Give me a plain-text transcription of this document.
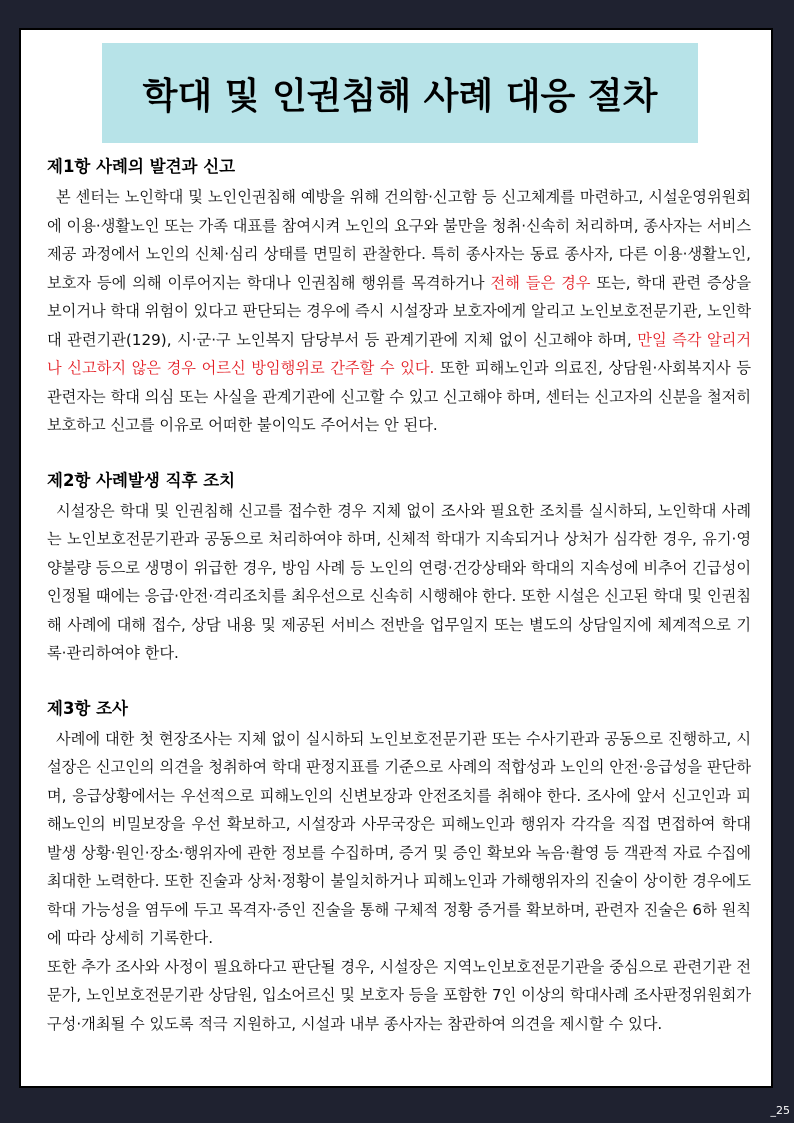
학대 및 인권침해 사례 대응 절차
제1항 사례의 발견과 신고

본 센터는 노인학대 및 노인인권침해 예방을 위해 건의함·신고함 등 신고체계를 마련하고, 시설운영위원회에 이용·생활노인 또는 가족 대표를 참여시켜 노인의 요구와 불만을 청취·신속히 처리하며, 종사자는 서비스 제공 과정에서 노인의 신체·심리 상태를 면밀히 관찰한다. 특히 종사자는 동료 종사자, 다른 이용·생활노인, 보호자 등에 의해 이루어지는 학대나 인권침해 행위를 목격하거나 전해 들은 경우 또는, 학대 관련 증상을 보이거나 학대 위험이 있다고 판단되는 경우에 즉시 시설장과 보호자에게 알리고 노인보호전문기관, 노인학대 관련기관(129), 시·군·구 노인복지 담당부서 등 관계기관에 지체 없이 신고해야 하며, 만일 즉각 알리거나 신고하지 않은 경우 어르신 방임행위로 간주할 수 있다. 또한 피해노인과 의료진, 상담원·사회복지사 등 관련자는 학대 의심 또는 사실을 관계기관에 신고할 수 있고 신고해야 하며, 센터는 신고자의 신분을 철저히 보호하고 신고를 이유로 어떠한 불이익도 주어서는 안 된다.

제2항 사례발생 직후 조치

시설장은 학대 및 인권침해 신고를 접수한 경우 지체 없이 조사와 필요한 조치를 실시하되, 노인학대 사례는 노인보호전문기관과 공동으로 처리하여야 하며, 신체적 학대가 지속되거나 상처가 심각한 경우, 유기·영양불량 등으로 생명이 위급한 경우, 방임 사례 등 노인의 연령·건강상태와 학대의 지속성에 비추어 긴급성이 인정될 때에는 응급·안전·격리조치를 최우선으로 신속히 시행해야 한다. 또한 시설은 신고된 학대 및 인권침해 사례에 대해 접수, 상담 내용 및 제공된 서비스 전반을 업무일지 또는 별도의 상담일지에 체계적으로 기록·관리하여야 한다.

제3항 조사

사례에 대한 첫 현장조사는 지체 없이 실시하되 노인보호전문기관 또는 수사기관과 공동으로 진행하고, 시설장은 신고인의 의견을 청취하여 학대 판정지표를 기준으로 사례의 적합성과 노인의 안전·응급성을 판단하며, 응급상황에서는 우선적으로 피해노인의 신변보장과 안전조치를 취해야 한다. 조사에 앞서 신고인과 피해노인의 비밀보장을 우선 확보하고, 시설장과 사무국장은 피해노인과 행위자 각각을 직접 면접하여 학대 발생 상황·원인·장소·행위자에 관한 정보를 수집하며, 증거 및 증인 확보와 녹음·촬영 등 객관적 자료 수집에 최대한 노력한다. 또한 진술과 상처·정황이 불일치하거나 피해노인과 가해행위자의 진술이 상이한 경우에도 학대 가능성을 염두에 두고 목격자·증인 진술을 통해 구체적 정황 증거를 확보하며, 관련자 진술은 6하 원칙에 따라 상세히 기록한다.

또한 추가 조사와 사정이 필요하다고 판단될 경우, 시설장은 지역노인보호전문기관을 중심으로 관련기관 전문가, 노인보호전문기관 상담원, 입소어르신 및 보호자 등을 포함한 7인 이상의 학대사례 조사판정위원회가 구성·개최될 수 있도록 적극 지원하고, 시설과 내부 종사자는 참관하여 의견을 제시할 수 있다.

_25
